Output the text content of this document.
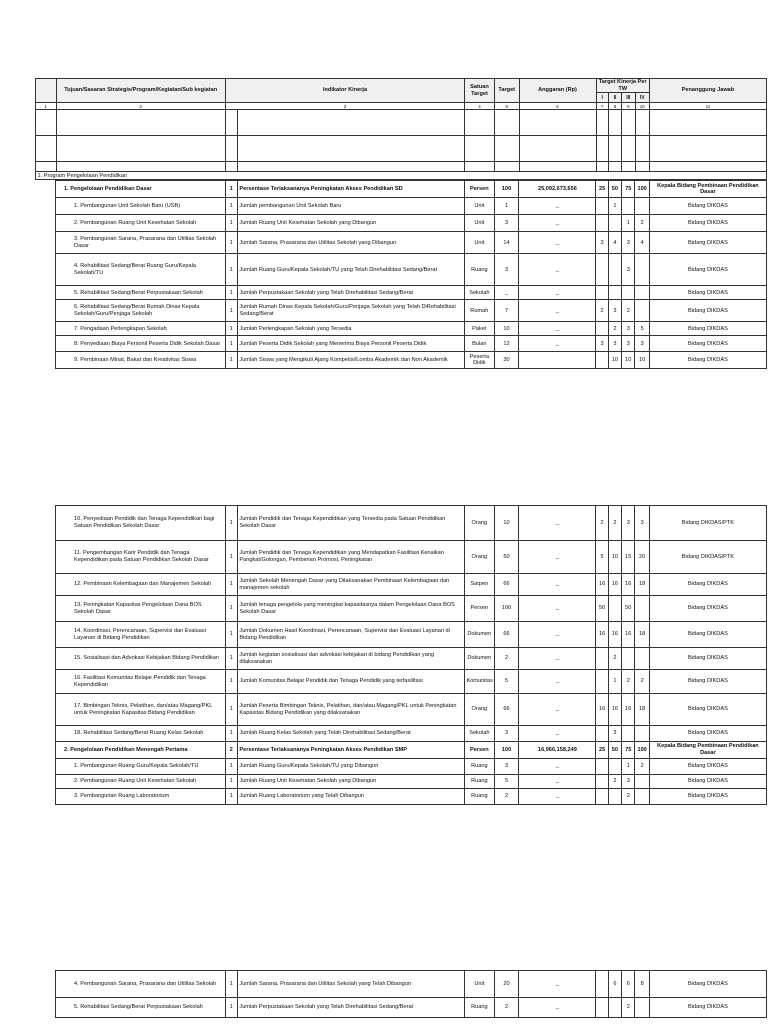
	Tujuan/Sasaran Strategis/Program/Kegiatan/Sub kegiatan	Indikator Kinerja		Satuan Target	Target	Anggaran (Rp)	Target Kinerja Per TW				Penanggung Jawab
							I	II	III	IV	
1	2	3		4	5	6	7	8	9	10	11

1. Program Pengelolaan Pendidikan											
	1. Pengelolaan Pendidikan Dasar	1	Persentase Terlaksananya Peningkatan Akses Pendidikan SD	Persen	100	25,092,673,656	25	50	75	100	Kepala Bidang Pembinaan Pendidikan Dasar
	1. Pembangunan Unit Sekolah Baru (USB)	1	Jumlah pembangunan Unit Sekolah Baru	Unit	1	_		1			Bidang DIKDAS
	2. Pembangunan Ruang Unit Kesehatan Sekolah	1	Jumlah Ruang Unit Kesehatan Sekolah yang Dibangun	Unit	3	_			1	2	Bidang DIKDAS
	3. Pembangunan Sarana, Prasarana dan Utilitas Sekolah Dasar	1	Jumlah Sarana, Prasarana dan Utilitas Sekolah yang Dibangun	Unit	14	_	3	4	3	4	Bidang DIKDAS
	4. Rehabilitasi Sedang/Berat Ruang Guru/Kepala Sekolah/TU	1	Jumlah Ruang Guru/Kepala Sekolah/TU yang Telah Direhabilitasi Sedang/Berat	Ruang	3	_			3		Bidang DIKDAS
	5. Rehabilitasi Sedang/Berat Perpustakaan Sekolah	1	Jumlah Perpustakaan Sekolah yang Telah Direhabilitasi Sedang/Berat	Sekolah	_	_					Bidang DIKDAS
	6. Rehabilitasi Sedang/Berat Rumah Dinas Kepala Sekolah/Guru/Penjaga Sekolah	1	Jumlah Rumah Dinas Kepala Sekolah/Guru/Penjaga Sekolah yang Telah DiRehabilitasi Sedang/Berat	Rumah	7	_	2	3	2		Bidang DIKDAS
	7. Pengadaan Perlengkapan Sekolah	1	Jumlah Perlengkapan Sekolah yang Tersedia	Paket	10	_		2	3	5	Bidang DIKDAS
	8. Penyediaan Biaya Personil Peserta Didik Sekolah Dasar	1	Jumlah Peserta Didik Sekolah yang Menerima Biaya Personil Peserta Didik	Bulan	12	_	3	3	3	3	Bidang DIKDAS
	9. Pembinaan Minat, Bakat dan Kreativitas Siswa	1	Jumlah Siswa yang Mengikuti Ajang Kompetisi/Lomba Akademik dan Non Akademik	Peserta Didik	30			10	10	10	Bidang DIKDAS
	10. Penyediaan Pendidik dan Tenaga Kependidikan bagi Satuan Pendidikan Sekolah Dasar	1	Jumlah Pendidik dan Tenaga Kependidikan yang Tersedia pada Satuan Pendidikan Sekolah Dasar	Orang	10	_	2	2	3	3	Bidang DIKDAS/PTK
	11. Pengembangan Karir Pendidik dan Tenaga Kependidikan pada Satuan Pendidikan Sekolah Dasar	1	Jumlah Pendidik dan Tenaga Kependidikan yang Mendapatkan Fasilitasi Kenaikan Pangkat/Golongan, Pemberian Promosi, Peningkatan	Orang	50	_	5	10	15	20	Bidang DIKDAS/PTK
	12. Pembinaan Kelembagaan dan Manajemen Sekolah	1	Jumlah Sekolah Menengah Dasar yang Dilaksanakan Pembinaan Kelembagaan dan manajemen sekolah	Satpen	66	_	16	16	16	18	Bidang DIKDAS
	13. Peningkatan Kapasitas Pengelolaan Dana BOS Sekolah Dasar	1	Jumlah tenaga pengelola yang meningkat kapasitasnya dalam Pengelolaan Dana BOS Sekolah Dasar	Persen	100	_	50		50		Bidang DIKDAS
	14. Koordinasi, Perencanaan, Supervisi dan Evaluasi Layanan di Bidang Pendidikan	1	Jumlah Dokumen Hasil Koordinasi, Perencanaan, Supervisi dan Evaluasi Layanan di Bidang Pendidikan	Dokumen	66	_	16	16	16	18	Bidang DIKDAS
	15. Sosialisasi dan Advokasi Kebijakan Bidang Pendidikan	1	Jumlah kegiatan sosialisasi dan advokasi kebijakan di bidang Pendidikan yang dilaksanakan	Dokumen	2	_		2			Bidang DIKDAS
	16. Fasilitasi Komunitas Belajar Pendidik dan Tenaga Kependidikan	1	Jumlah Komunitas Belajar Pendidik dan Tenaga Pendidik yang terfasilitasi	Komunitas	5	_		1	2	2	Bidang DIKDAS
	17. Bimbingan Teknis, Pelatihan, dan/atau Magang/PKL untuk Peningkatan Kapasitas Bidang Pendidikan	1	Jumlah Peserta Bimbingan Teknis, Pelatihan, dan/atau Magang/PKL untuk Peningkatan Kapasitas Bidang Pendidikan yang dilaksanakan	Orang	66	_	16	16	16	18	Bidang DIKDAS
	18. Rehabilitasi Sedang/Berat Ruang Kelas Sekolah	1	Jumlah Ruang Kelas Sekolah yang Telah Direhabilitasi Sedang/Berat	Sekolah	3	_		3			Bidang DIKDAS
	2. Pengelolaan Pendidikan Menengah Pertama	2	Persentase Terlaksananya Peningkatan Akses Pendidikan SMP	Persen	100	16,966,158,249	25	50	75	100	Kepala Bidang Pembinaan Pendidikan Dasar
	1. Pembangunan Ruang Guru/Kepala Sekolah/TU	1	Jumlah Ruang Guru/Kepala Sekolah/TU yang Dibangun	Ruang	3	_			1	2	Bidang DIKDAS
	2. Pembangunan Ruang Unit Kesehatan Sekolah	1	Jumlah Ruang Unit Kesehatan Sekolah yang Dibangun	Ruang	5	_		2	3		Bidang DIKDAS
	3. Pembangunan Ruang Laboratorium	1	Jumlah Ruang Laboratorium yang Telah Dibangun	Ruang	2	_			2		Bidang DIKDAS
	4. Pembangunan Sarana, Prasarana dan Utilitas Sekolah	1	Jumlah Sarana, Prasarana dan Utilitas Sekolah yang Telah Dibangun	Unit	20	_		6	6	8	Bidang DIKDAS
	5. Rehabilitasi Sedang/Berat Perpustakaan Sekolah	1	Jumlah Perpustakaan Sekolah yang Telah Direhabilitasi Sedang/Berat	Ruang	2	_			2		Bidang DIKDAS
